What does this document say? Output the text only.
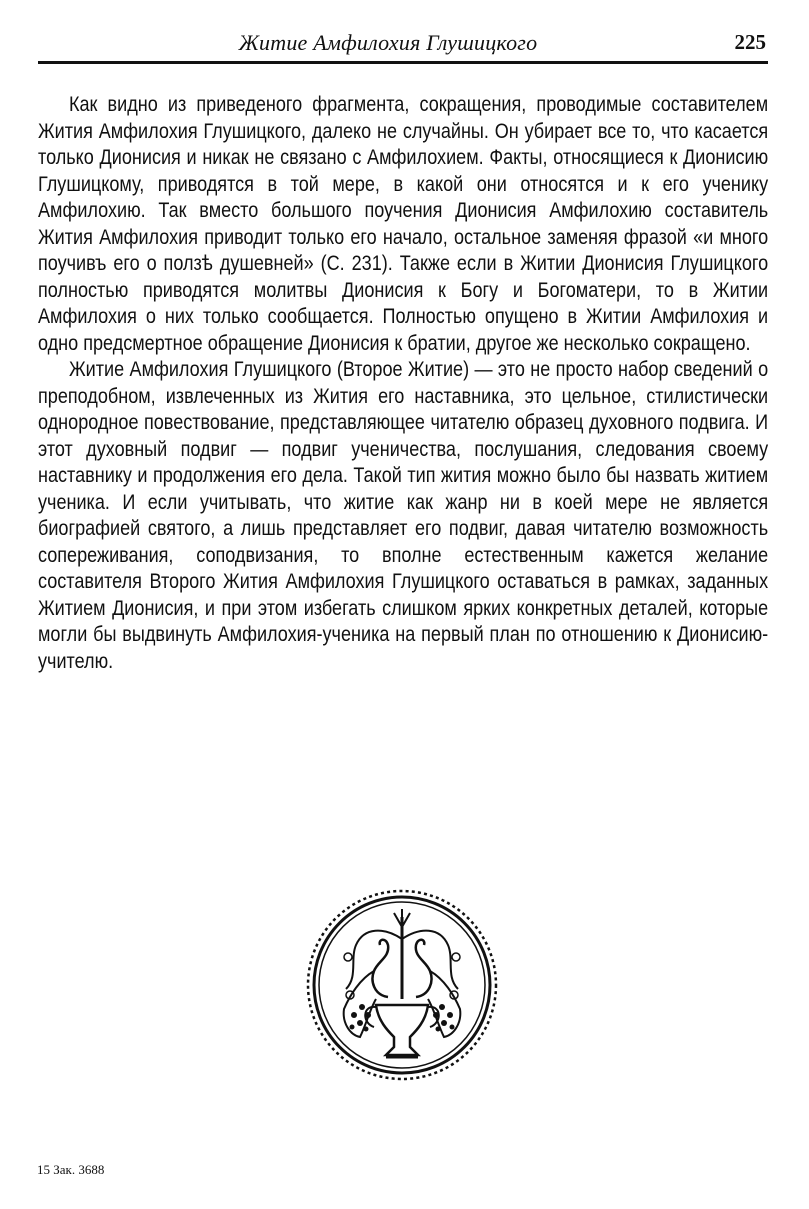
Житие Амфилохия Глушицкого	225

Как видно из приведеного фрагмента, сокращения, проводимые составителем Жития Амфилохия Глушицкого, далеко не случайны. Он убирает все то, что касается только Дионисия и никак не связано с Амфилохием. Факты, относящиеся к Дионисию Глушицкому, приводятся в той мере, в какой они относятся и к его ученику Амфилохию. Так вместо большого поучения Дионисия Амфилохию составитель Жития Амфилохия приводит только его начало, остальное заменяя фразой «и много поучивъ его о ползѣ душевней» (С. 231). Также если в Житии Дионисия Глушицкого полностью приводятся молитвы Дионисия к Богу и Богоматери, то в Житии Амфилохия о них только сообщается. Полностью опущено в Житии Амфилохия и одно предсмертное обращение Дионисия к братии, другое же несколько сокращено.

Житие Амфилохия Глушицкого (Второе Житие) — это не просто набор сведений о преподобном, извлеченных из Жития его наставника, это цельное, стилистически однородное повествование, представляющее читателю образец духовного подвига. И этот духовный подвиг — подвиг ученичества, послушания, следования своему наставнику и продолжения его дела. Такой тип жития можно было бы назвать житием ученика. И если учитывать, что житие как жанр ни в коей мере не является биографией святого, а лишь представляет его подвиг, давая читателю возможность сопереживания, соподвизания, то вполне естественным кажется желание составителя Второго Жития Амфилохия Глушицкого оставаться в рамках, заданных Житием Дионисия, и при этом избегать слишком ярких конкретных деталей, которые могли бы выдвинуть Амфилохия-ученика на первый план по отношению к Дионисию-учителю.

15 Зак. 3688
